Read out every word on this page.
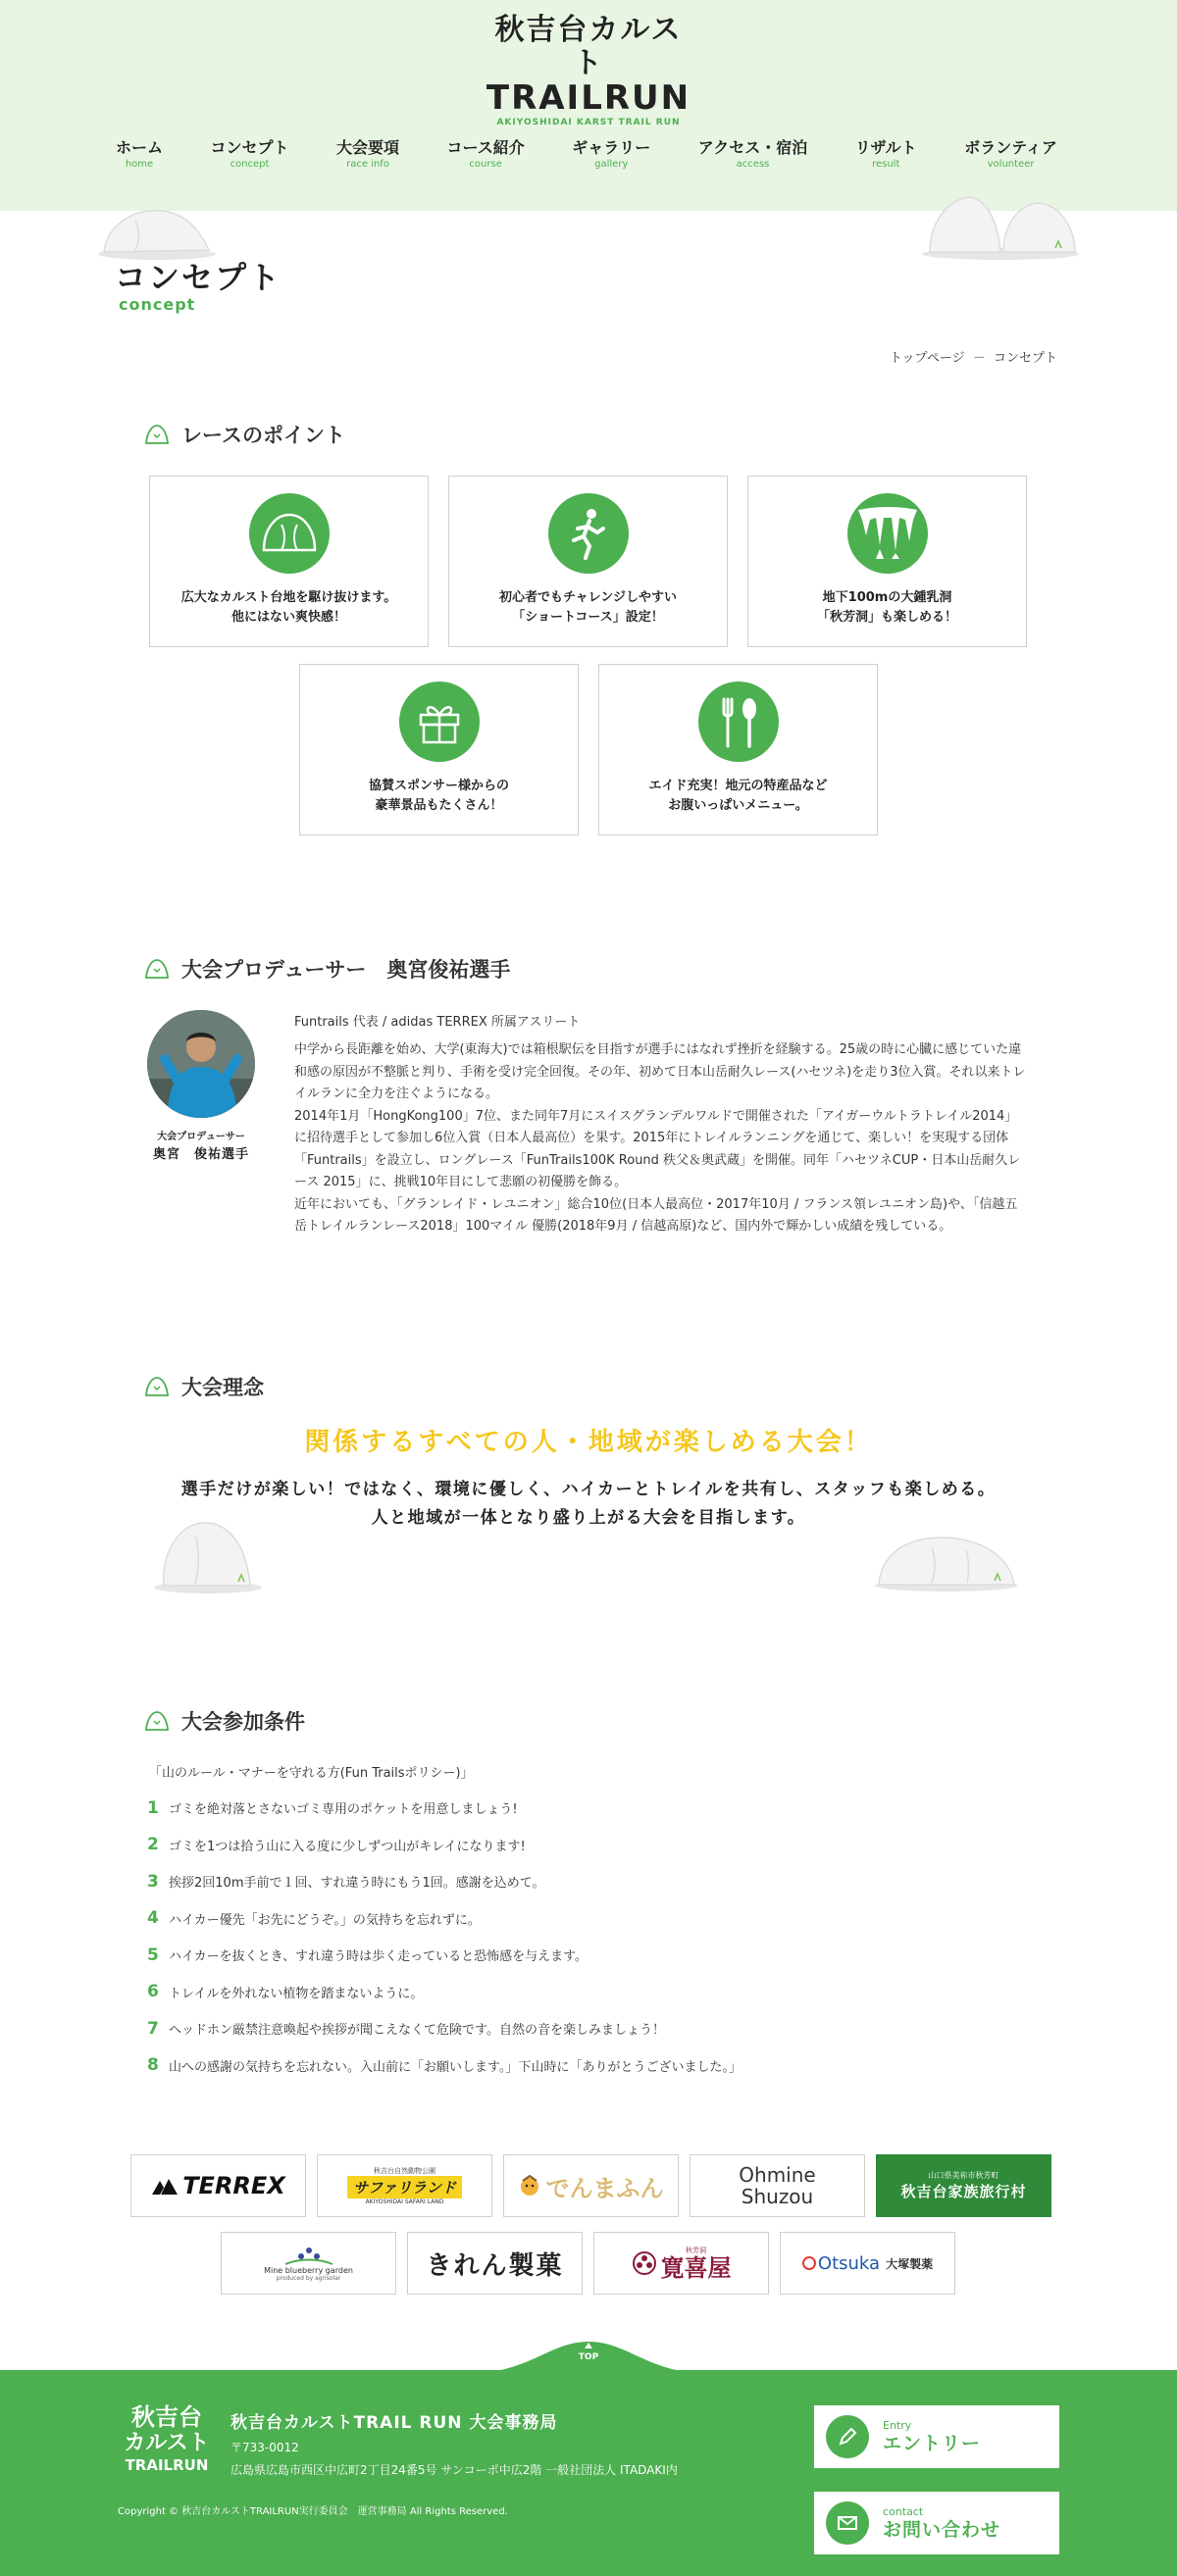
秋吉台カルスト
TRAILRUN
AKIYOSHIDAI KARST TRAIL RUN
ホーム
home
コンセプト
concept
大会要項
race info
コース紹介
course
ギャラリー
gallery
アクセス・宿泊
access
リザルト
result
ボランティア
volunteer
コンセプト
concept
トップページ － コンセプト
レースのポイント
広大なカルスト台地を駆け抜けます。
他にはない爽快感！
初心者でもチャレンジしやすい
「ショートコース」設定！
地下100mの大鍾乳洞
「秋芳洞」も楽しめる！
協賛スポンサー様からの
豪華景品もたくさん！
エイド充実！地元の特産品など
お腹いっぱいメニュー。
大会プロデューサー　奥宮俊祐選手
大会プロデューサー
奥宮　俊祐選手
Funtrails 代表 / adidas TERREX 所属アスリート
中学から長距離を始め、大学(東海大)では箱根駅伝を目指すが選手にはなれず挫折を経験する。25歳の時に心臓に感じていた違和感の原因が不整脈と判り、手術を受け完全回復。その年、初めて日本山岳耐久レース(ハセツネ)を走り3位入賞。それ以来トレイルランに全力を注ぐようになる。
2014年1月「HongKong100」7位、また同年7月にスイスグランデルワルドで開催された「アイガーウルトラトレイル2014」に招待選手として参加し6位入賞（日本人最高位）を果す。2015年にトレイルランニングを通じて、楽しい！を実現する団体「Funtrails」を設立し、ロングレース「FunTrails100K Round 秩父＆奥武蔵」を開催。同年「ハセツネCUP・日本山岳耐久レース 2015」に、挑戦10年目にして悲願の初優勝を飾る。
近年においても、「グランレイド・レユニオン」総合10位(日本人最高位・2017年10月 / フランス領レユニオン島)や、「信越五岳トレイルランレース2018」100マイル 優勝(2018年9月 / 信越高原)など、国内外で輝かしい成績を残している。
大会理念
関係するすべての人・地域が楽しめる大会！
選手だけが楽しい！ではなく、環境に優しく、ハイカーとトレイルを共有し、スタッフも楽しめる。
人と地域が一体となり盛り上がる大会を目指します。
大会参加条件
「山のルール・マナーを守れる方(Fun Trailsポリシー)」
1 ゴミを絶対落とさないゴミ専用のポケットを用意しましょう!
2 ゴミを1つは拾う山に入る度に少しずつ山がキレイになります!
3 挨拶2回10m手前で１回、すれ違う時にもう1回。感謝を込めて。
4 ハイカー優先「お先にどうぞ。」の気持ちを忘れずに。
5 ハイカーを抜くとき、すれ違う時は歩く走っていると恐怖感を与えます。
6 トレイルを外れない植物を踏まないように。
7 ヘッドホン厳禁注意喚起や挨拶が聞こえなくて危険です。自然の音を楽しみましょう！
8 山への感謝の気持ちを忘れない。入山前に「お願いします。」下山時に「ありがとうございました。」
TERREX
秋吉台自然動物公園
サファリランド
AKIYOSHIDAI SAFARI LAND	でんまふん	Ohmine
Shuzou
山口県美祢市秋芳町
秋吉台家族旅行村
Mine blueberry garden
produced by agrisolar	きれん製菓
秋芳洞
寛喜屋	Otsuka 大塚製薬
TOP
秋吉台
カルスト
TRAILRUN
秋吉台カルストTRAIL RUN 大会事務局
〒733-0012
広島県広島市西区中広町2丁目24番5号 サンコーポ中広2階 一般社団法人 ITADAKI内
Copyright © 秋吉台カルストTRAILRUN実行委員会　運営事務局 All Rights Reserved.
Entry
エントリー
contact
お問い合わせ
